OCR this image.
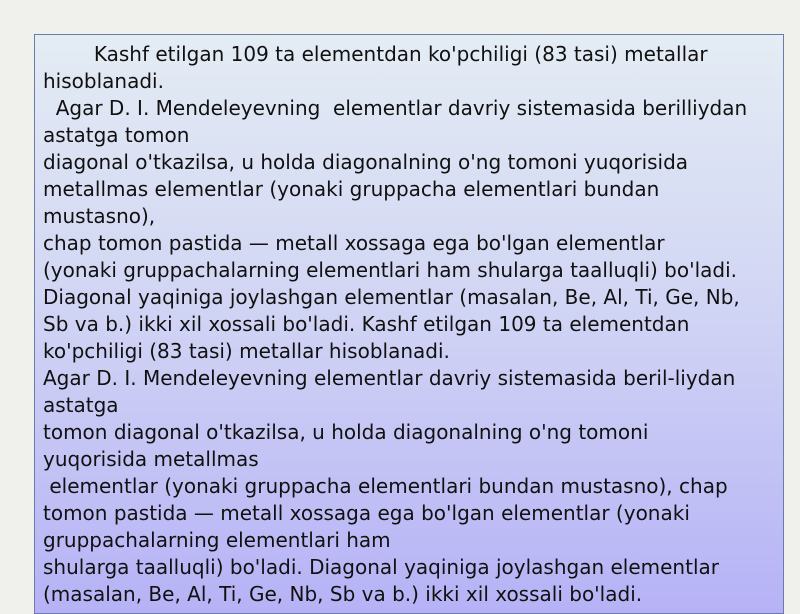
Kashf etilgan 109 ta elementdan ko'pchiligi (83 tasi) metallar
hisoblanadi.
Agar D. I. Mendeleyevning  elementlar davriy sistemasida berilliydan
astatga tomon
diagonal o'tkazilsa, u holda diagonalning o'ng tomoni yuqorisida
metallmas elementlar (yonaki gruppacha elementlari bundan
mustasno),
chap tomon pastida — metall xossaga ega bo'lgan elementlar
(yonaki gruppachalarning elementlari ham shularga taalluqli) bo'ladi.
Diagonal yaqiniga joylashgan elementlar (masalan, Be, Al, Ti, Ge, Nb,
Sb va b.) ikki xil xossali bo'ladi. Kashf etilgan 109 ta elementdan
ko'pchiligi (83 tasi) metallar hisoblanadi.
Agar D. I. Mendeleyevning elementlar davriy sistemasida beril-liydan
astatga
tomon diagonal o'tkazilsa, u holda diagonalning o'ng tomoni
yuqorisida metallmas
elementlar (yonaki gruppacha elementlari bundan mustasno), chap
tomon pastida — metall xossaga ega bo'lgan elementlar (yonaki
gruppachalarning elementlari ham
shularga taalluqli) bo'ladi. Diagonal yaqiniga joylashgan elementlar
(masalan, Be, Al, Ti, Ge, Nb, Sb va b.) ikki xil xossali bo'ladi.
